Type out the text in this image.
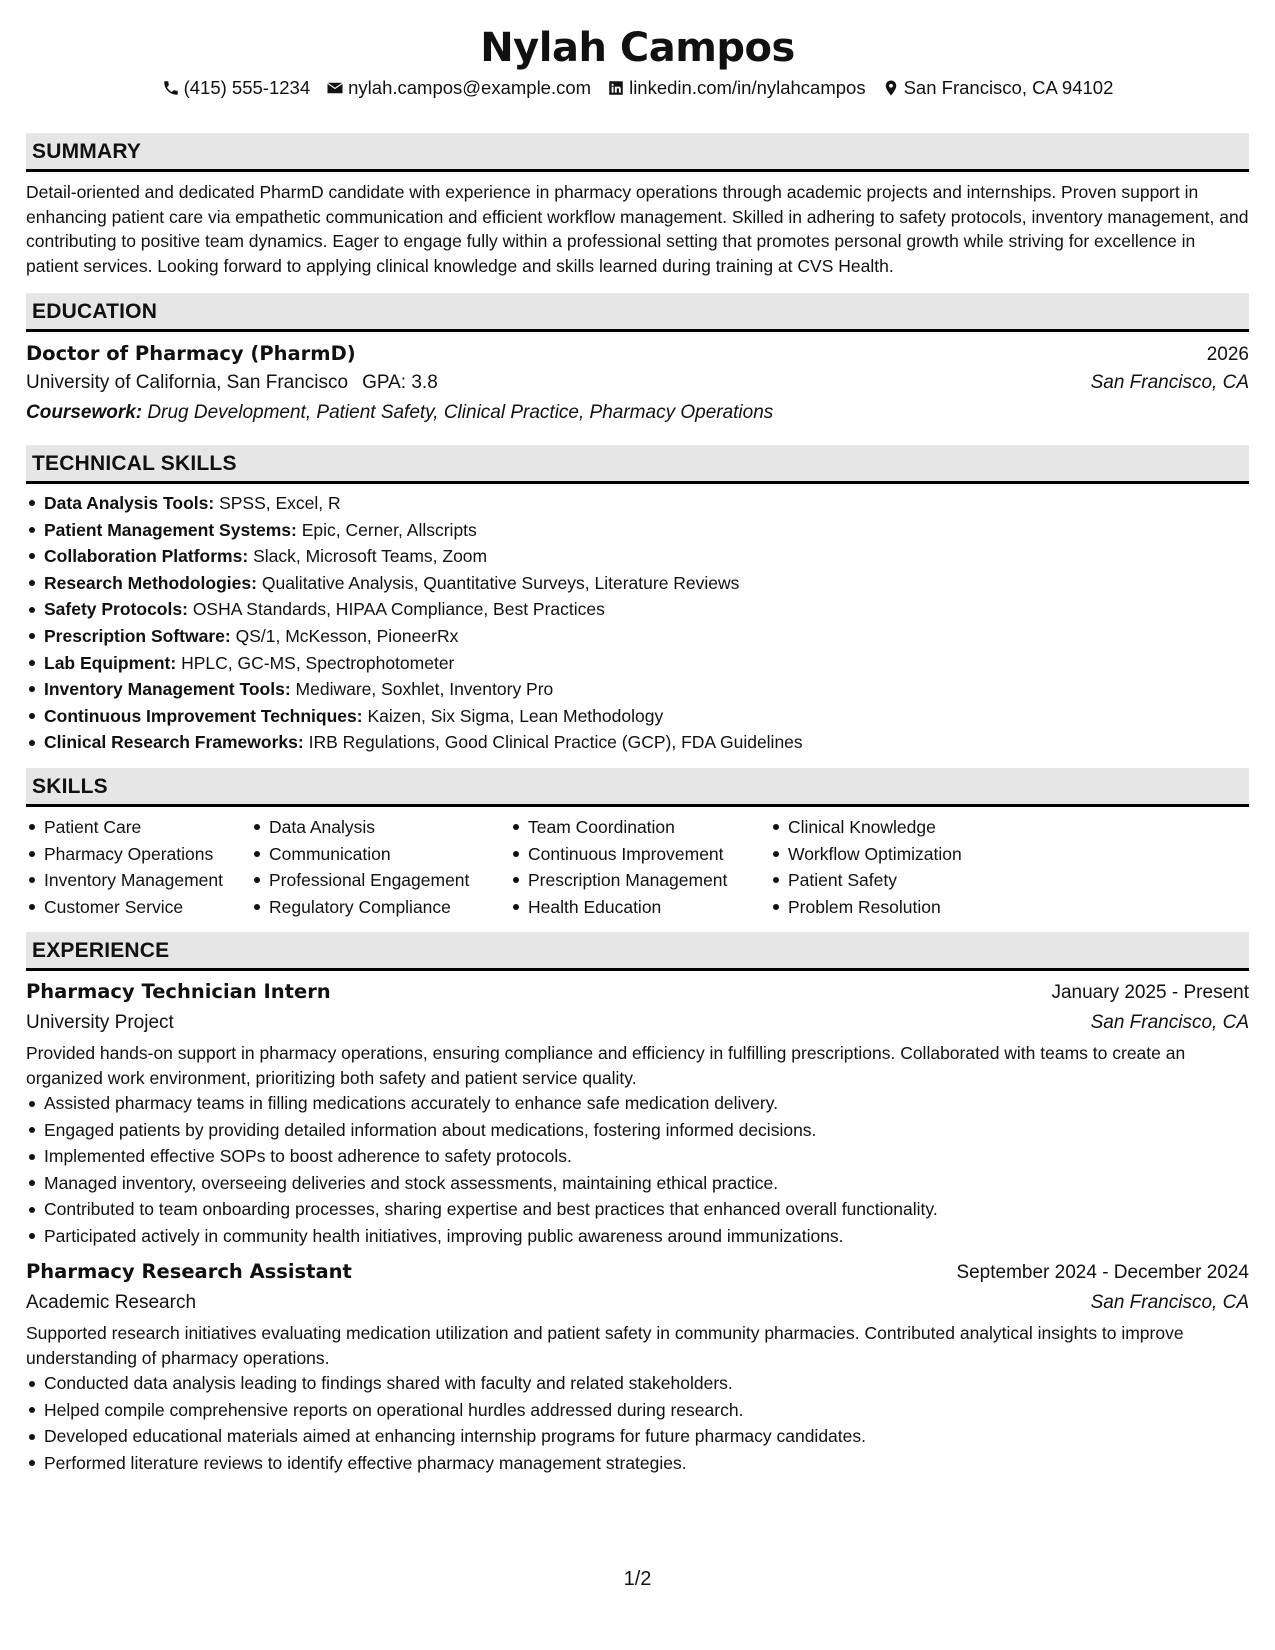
Nylah Campos
(415) 555-1234 nylah.campos@example.com linkedin.com/in/nylahcampos San Francisco, CA 94102
SUMMARY

Detail-oriented and dedicated PharmD candidate with experience in pharmacy operations through academic projects and internships. Proven support in enhancing patient care via empathetic communication and efficient workflow management. Skilled in adhering to safety protocols, inventory management, and contributing to positive team dynamics. Eager to engage fully within a professional setting that promotes personal growth while striving for excellence in patient services. Looking forward to applying clinical knowledge and skills learned during training at CVS Health.

EDUCATION
Doctor of Pharmacy (PharmD)	2026
University of California, San Francisco GPA: 3.8	San Francisco, CA
Coursework: Drug Development, Patient Safety, Clinical Practice, Pharmacy Operations
TECHNICAL SKILLS
Data Analysis Tools: SPSS, Excel, R
Patient Management Systems: Epic, Cerner, Allscripts
Collaboration Platforms: Slack, Microsoft Teams, Zoom
Research Methodologies: Qualitative Analysis, Quantitative Surveys, Literature Reviews
Safety Protocols: OSHA Standards, HIPAA Compliance, Best Practices
Prescription Software: QS/1, McKesson, PioneerRx
Lab Equipment: HPLC, GC-MS, Spectrophotometer
Inventory Management Tools: Mediware, Soxhlet, Inventory Pro
Continuous Improvement Techniques: Kaizen, Six Sigma, Lean Methodology
Clinical Research Frameworks: IRB Regulations, Good Clinical Practice (GCP), FDA Guidelines
SKILLS
Patient Care
Pharmacy Operations
Inventory Management
Customer Service
Data Analysis
Communication
Professional Engagement
Regulatory Compliance
Team Coordination
Continuous Improvement
Prescription Management
Health Education
Clinical Knowledge
Workflow Optimization
Patient Safety
Problem Resolution
EXPERIENCE
Pharmacy Technician Intern	January 2025 - Present
University Project	San Francisco, CA

Provided hands-on support in pharmacy operations, ensuring compliance and efficiency in fulfilling prescriptions. Collaborated with teams to create an organized work environment, prioritizing both safety and patient service quality.

Assisted pharmacy teams in filling medications accurately to enhance safe medication delivery.
Engaged patients by providing detailed information about medications, fostering informed decisions.
Implemented effective SOPs to boost adherence to safety protocols.
Managed inventory, overseeing deliveries and stock assessments, maintaining ethical practice.
Contributed to team onboarding processes, sharing expertise and best practices that enhanced overall functionality.
Participated actively in community health initiatives, improving public awareness around immunizations.
Pharmacy Research Assistant	September 2024 - December 2024
Academic Research	San Francisco, CA

Supported research initiatives evaluating medication utilization and patient safety in community pharmacies. Contributed analytical insights to improve understanding of pharmacy operations.

Conducted data analysis leading to findings shared with faculty and related stakeholders.
Helped compile comprehensive reports on operational hurdles addressed during research.
Developed educational materials aimed at enhancing internship programs for future pharmacy candidates.
Performed literature reviews to identify effective pharmacy management strategies.
1/2
